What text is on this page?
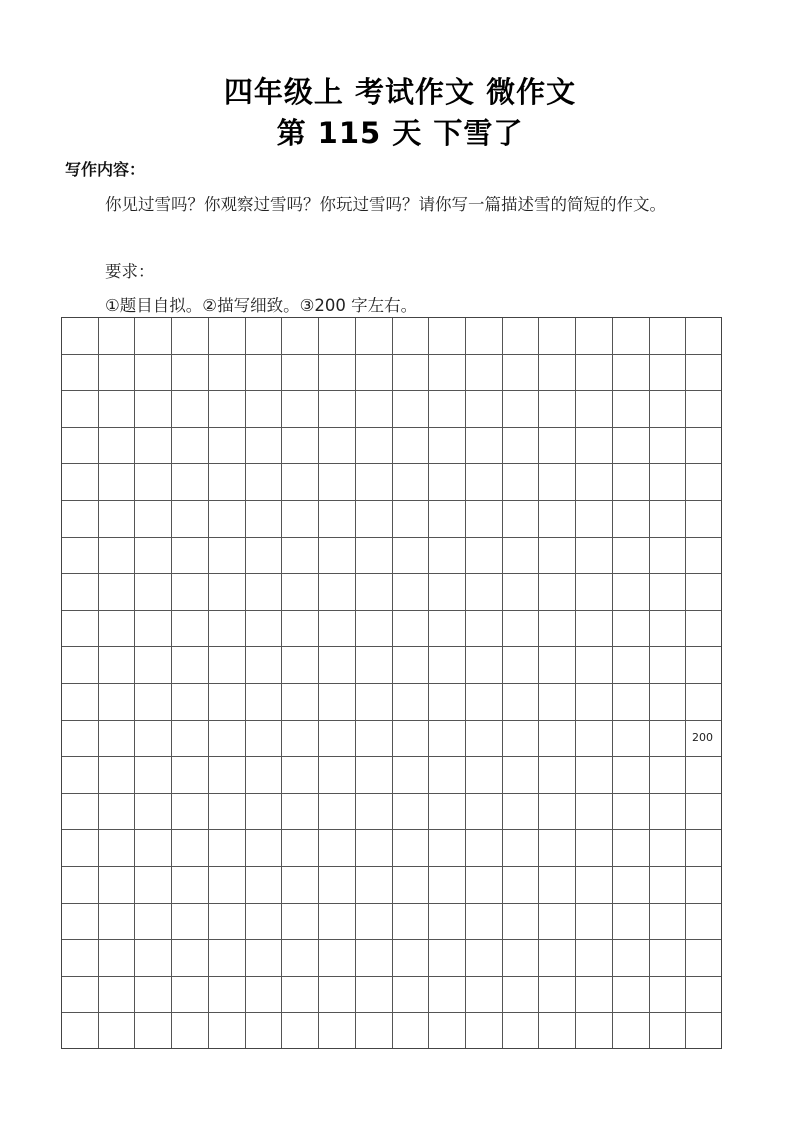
四年级上 考试作文 微作文
第 115 天 下雪了
写作内容：

你见过雪吗？你观察过雪吗？你玩过雪吗？请你写一篇描述雪的简短的作文。

要求：
①题目自拟。②描写细致。③200 字左右。
200
